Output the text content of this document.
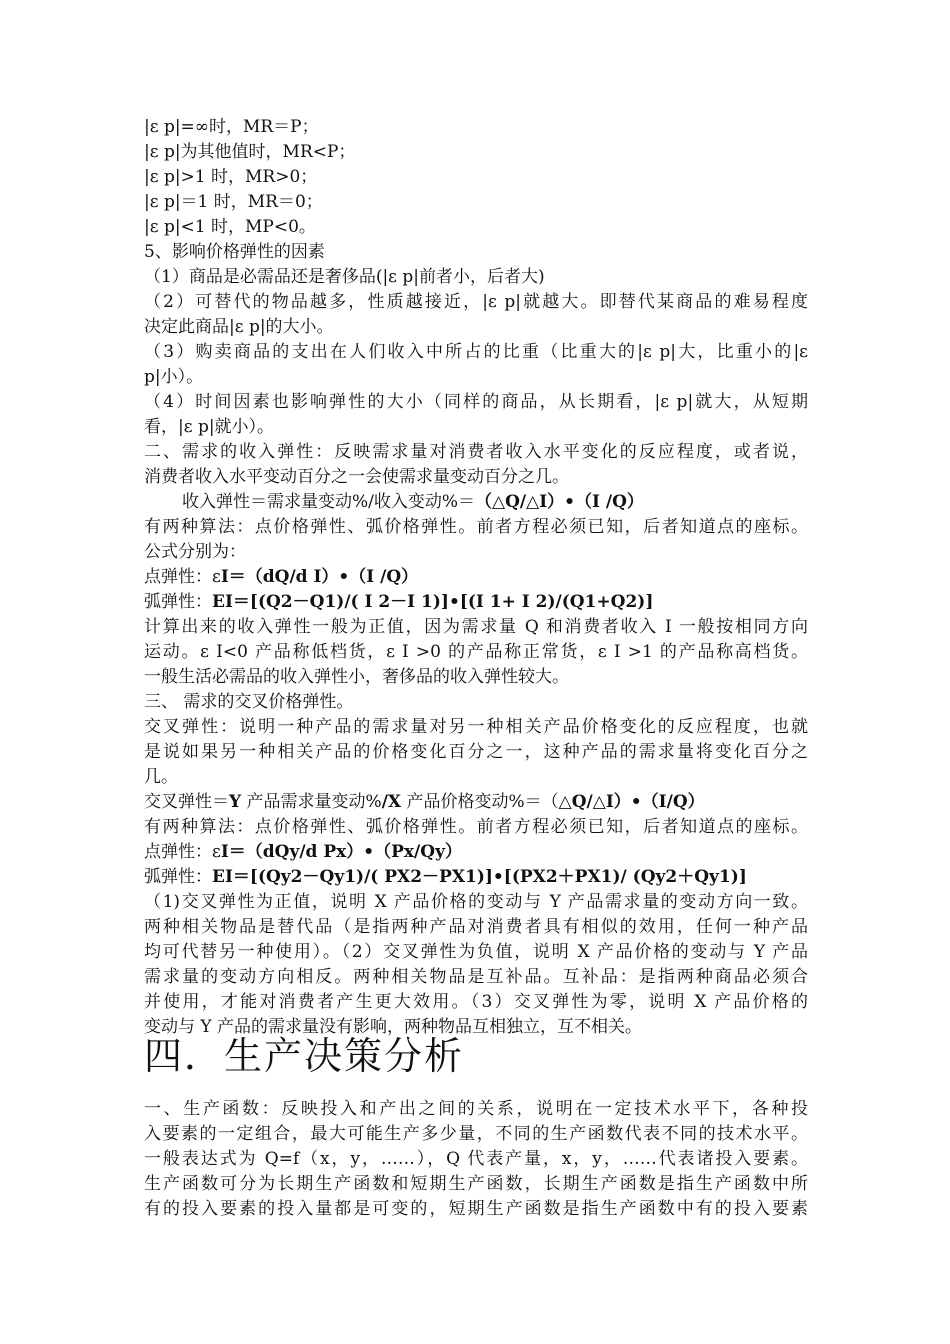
|ε p|=∞时，MR＝P；
|ε p|为其他值时，MR<P；
|ε p|>1 时，MR>0；
|ε p|＝1 时，MR＝0；
|ε p|<1 时，MP<0。
5、影响价格弹性的因素
（1）商品是必需品还是奢侈品(|ε p|前者小，后者大)
（2）可替代的物品越多，性质越接近，|ε p|就越大。即替代某商品的难易程度
决定此商品|ε p|的大小。
（3）购卖商品的支出在人们收入中所占的比重（比重大的|ε p|大，比重小的|ε
p|小）。
（4）时间因素也影响弹性的大小（同样的商品，从长期看，|ε p|就大，从短期
看，|ε p|就小）。
二、需求的收入弹性：反映需求量对消费者收入水平变化的反应程度，或者说，
消费者收入水平变动百分之一会使需求量变动百分之几。
收入弹性＝需求量变动%/收入变动%＝（△Q/△I）•（I /Q）
有两种算法：点价格弹性、弧价格弹性。前者方程必须已知，后者知道点的座标。
公式分别为：
点弹性：εI＝（dQ/d I）•（I /Q）
弧弹性：EI＝[(Q2－Q1)/( I 2－I 1)]•[(I 1+ I 2)/(Q1+Q2)]
计算出来的收入弹性一般为正值，因为需求量 Q 和消费者收入 I 一般按相同方向
运动。ε I<0 产品称低档货，ε I >0 的产品称正常货，ε I >1 的产品称高档货。
一般生活必需品的收入弹性小，奢侈品的收入弹性较大。
三、 需求的交叉价格弹性。
交叉弹性：说明一种产品的需求量对另一种相关产品价格变化的反应程度，也就
是说如果另一种相关产品的价格变化百分之一，这种产品的需求量将变化百分之
几。
交叉弹性＝Y 产品需求量变动%/X 产品价格变动%＝（△Q/△I）•（I/Q）
有两种算法：点价格弹性、弧价格弹性。前者方程必须已知，后者知道点的座标。
点弹性：εI＝（dQy/d Px）•（Px/Qy）
弧弹性：EI＝[(Qy2－Qy1)/( PX2－PX1)]•[(PX2＋PX1)/ (Qy2＋Qy1)]
（1)交叉弹性为正值，说明 X 产品价格的变动与 Y 产品需求量的变动方向一致。
两种相关物品是替代品（是指两种产品对消费者具有相似的效用，任何一种产品
均可代替另一种使用）。（2）交叉弹性为负值，说明 X 产品价格的变动与 Y 产品
需求量的变动方向相反。两种相关物品是互补品。互补品：是指两种商品必须合
并使用，才能对消费者产生更大效用。（3）交叉弹性为零，说明 X 产品价格的
变动与 Y 产品的需求量没有影响，两种物品互相独立，互不相关。
四．生产决策分析
一、生产函数：反映投入和产出之间的关系，说明在一定技术水平下，各种投
入要素的一定组合，最大可能生产多少量，不同的生产函数代表不同的技术水平。
一般表达式为 Q=f（x，y，……），Q 代表产量，x，y，……代表诸投入要素。
生产函数可分为长期生产函数和短期生产函数，长期生产函数是指生产函数中所
有的投入要素的投入量都是可变的，短期生产函数是指生产函数中有的投入要素
